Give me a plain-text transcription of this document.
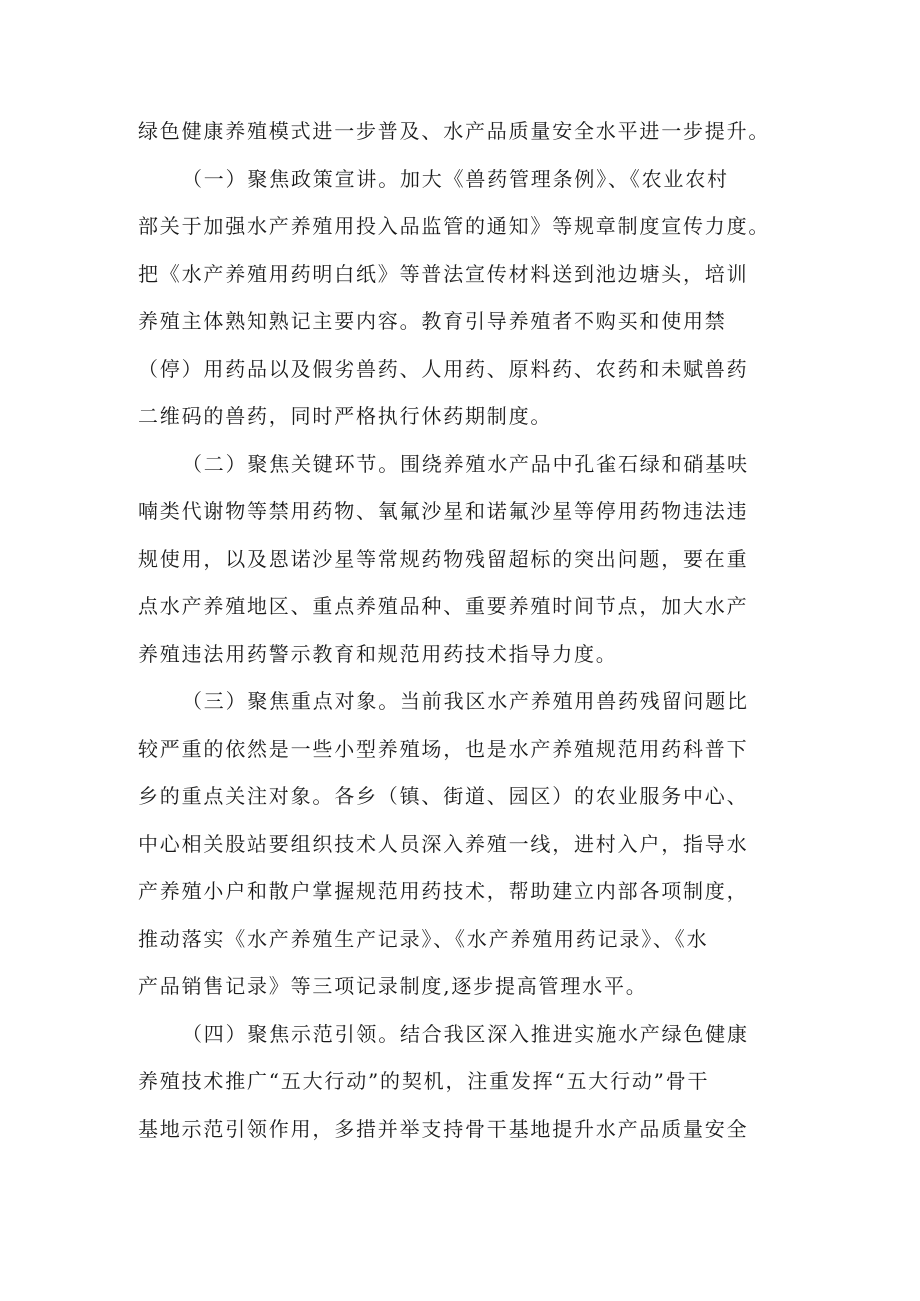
绿色健康养殖模式进一步普及、水产品质量安全水平进一步提升。
（一）聚焦政策宣讲。加大《兽药管理条例》、《农业农村
部关于加强水产养殖用投入品监管的通知》等规章制度宣传力度。
把《水产养殖用药明白纸》等普法宣传材料送到池边塘头，培训
养殖主体熟知熟记主要内容。教育引导养殖者不购买和使用禁
（停）用药品以及假劣兽药、人用药、原料药、农药和未赋兽药
二维码的兽药，同时严格执行休药期制度。
（二）聚焦关键环节。围绕养殖水产品中孔雀石绿和硝基呋
喃类代谢物等禁用药物、氧氟沙星和诺氟沙星等停用药物违法违
规使用，以及恩诺沙星等常规药物残留超标的突出问题，要在重
点水产养殖地区、重点养殖品种、重要养殖时间节点，加大水产
养殖违法用药警示教育和规范用药技术指导力度。
（三）聚焦重点对象。当前我区水产养殖用兽药残留问题比
较严重的依然是一些小型养殖场，也是水产养殖规范用药科普下
乡的重点关注对象。各乡（镇、街道、园区）的农业服务中心、
中心相关股站要组织技术人员深入养殖一线，进村入户，指导水
产养殖小户和散户掌握规范用药技术，帮助建立内部各项制度，
推动落实《水产养殖生产记录》、《水产养殖用药记录》、《水
产品销售记录》等三项记录制度,逐步提高管理水平。
（四）聚焦示范引领。结合我区深入推进实施水产绿色健康
养殖技术推广“五大行动”的契机，注重发挥“五大行动”骨干
基地示范引领作用，多措并举支持骨干基地提升水产品质量安全
